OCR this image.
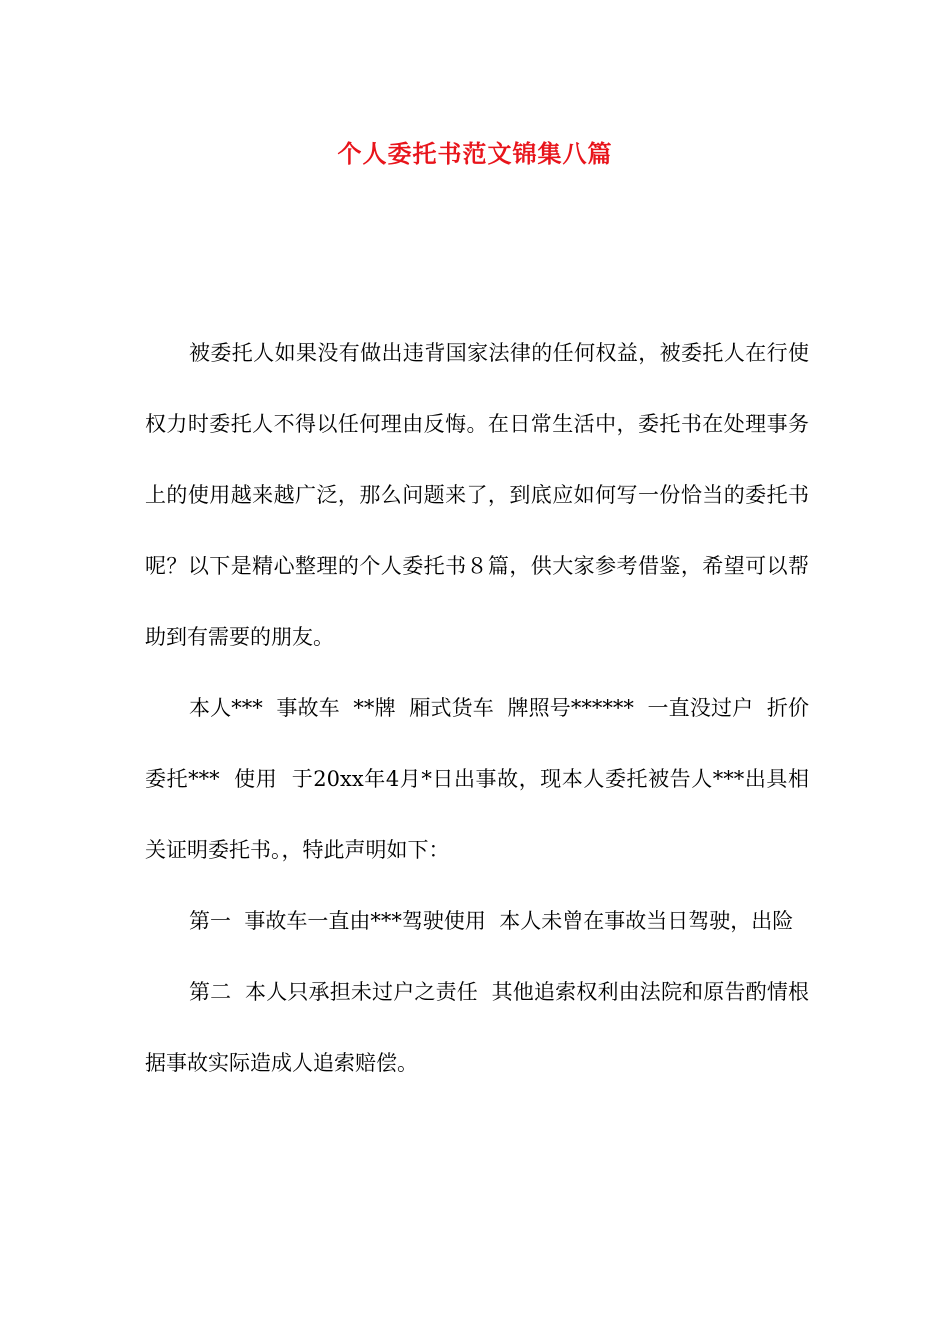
个人委托书范文锦集八篇

被委托人如果没有做出违背国家法律的任何权益，被委托人在行使权力时委托人不得以任何理由反悔。在日常生活中，委托书在处理事务上的使用越来越广泛，那么问题来了，到底应如何写一份恰当的委托书呢？以下是精心整理的个人委托书８篇，供大家参考借鉴，希望可以帮助到有需要的朋友。

本人***  事故车  **牌  厢式货车  牌照号******  一直没过户  折价委托***  使用  于20xx年4月*日出事故，现本人委托被告人***出具相关证明委托书。，特此声明如下：

第一  事故车一直由***驾驶使用  本人未曾在事故当日驾驶，出险

第二  本人只承担未过户之责任  其他追索权利由法院和原告酌情根据事故实际造成人追索赔偿。
